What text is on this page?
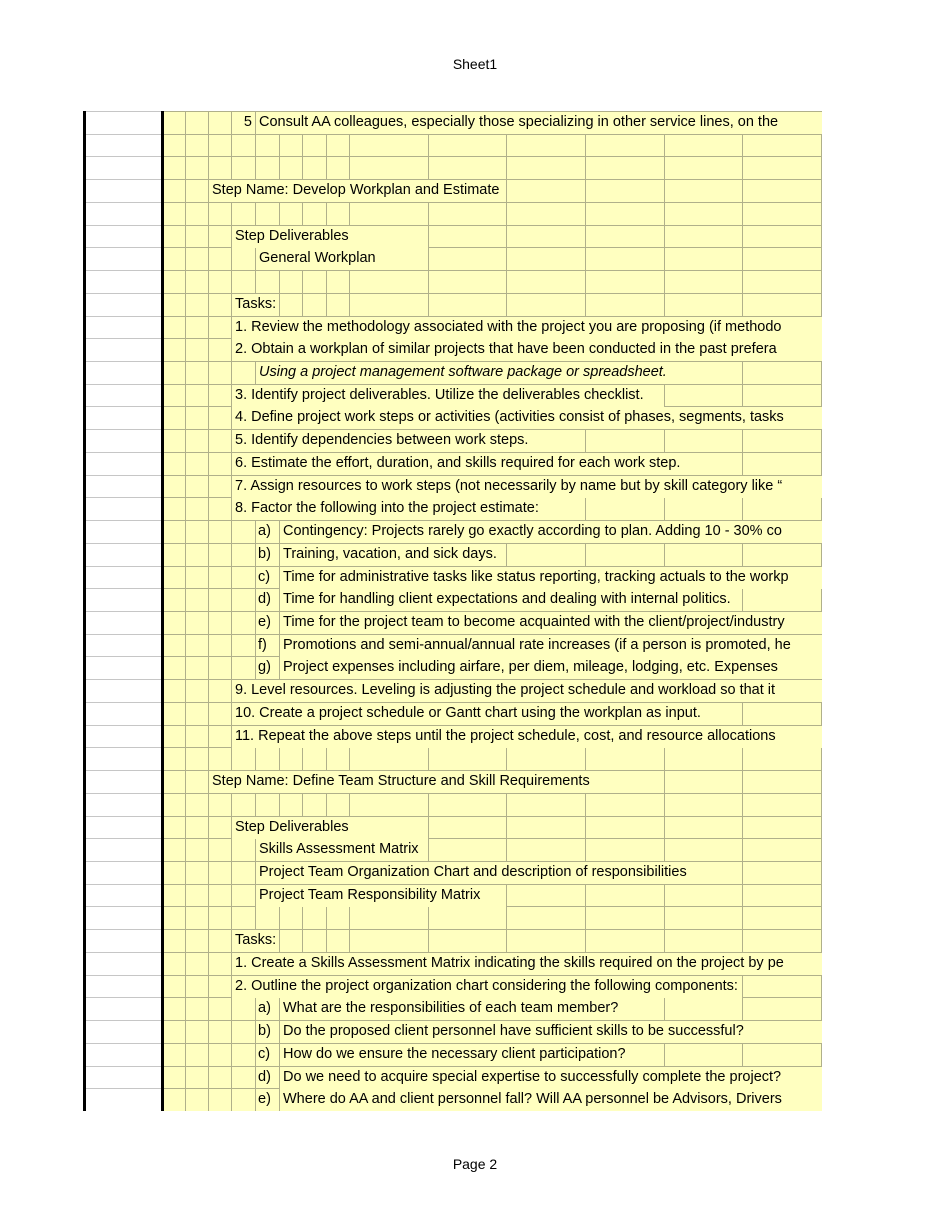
Sheet1
Consult AA colleagues, especially those specializing in other service lines, on the
5
Step Name: Develop Workplan and Estimate
Step Deliverables
General Workplan
Tasks:
1. Review the methodology associated with the project you are proposing (if methodo
2. Obtain a workplan of similar projects that have been conducted in the past prefera
Using a project management software package or spreadsheet.
3. Identify project deliverables. Utilize the deliverables checklist.
4. Define project work steps or activities (activities consist of phases, segments, tasks
5. Identify dependencies between work steps.
6. Estimate the effort, duration, and skills required for each work step.
7. Assign resources to work steps (not necessarily by name but by skill category like “
8. Factor the following into the project estimate:
Contingency: Projects rarely go exactly according to plan. Adding 10 - 30% co
a)
Training, vacation, and sick days.
b)
Time for administrative tasks like status reporting, tracking actuals to the workp
c)
Time for handling client expectations and dealing with internal politics.
d)
Time for the project team to become acquainted with the client/project/industry
e)
Promotions and semi-annual/annual rate increases (if a person is promoted, he
f)
Project expenses including airfare, per diem, mileage, lodging, etc. Expenses
g)
9. Level resources. Leveling is adjusting the project schedule and workload so that it
10. Create a project schedule or Gantt chart using the workplan as input.
11. Repeat the above steps until the project schedule, cost, and resource allocations
Step Name: Define Team Structure and Skill Requirements
Step Deliverables
Skills Assessment Matrix
Project Team Organization Chart and description of responsibilities
Project Team Responsibility Matrix
Tasks:
1. Create a Skills Assessment Matrix indicating the skills required on the project by pe
2. Outline the project organization chart considering the following components:
What are the responsibilities of each team member?
a)
Do the proposed client personnel have sufficient skills to be successful?
b)
How do we ensure the necessary client participation?
c)
Do we need to acquire special expertise to successfully complete the project?
d)
Where do AA and client personnel fall? Will AA personnel be Advisors, Drivers
e)
Page 2
